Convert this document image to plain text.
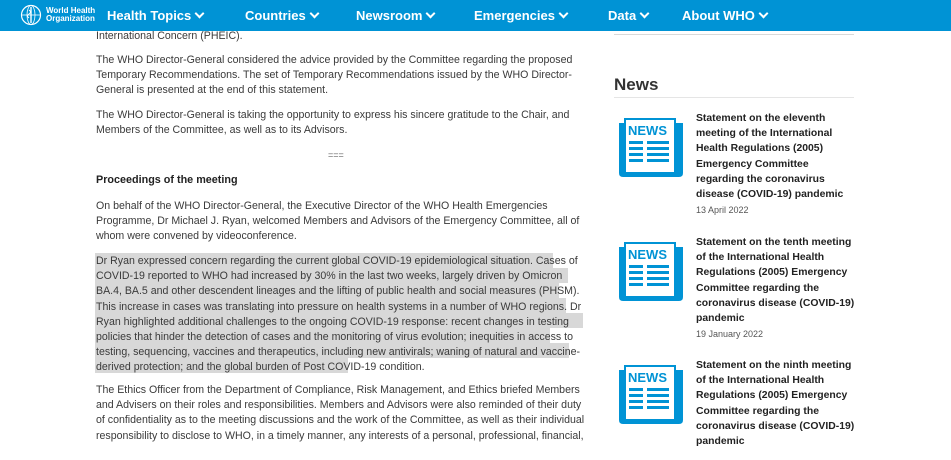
World Health
Organization Health Topics	Countries	Newsroom	Emergencies	Data	About WHO

International Concern (PHEIC).

The WHO Director-General considered the advice provided by the Committee regarding the proposed Temporary Recommendations. The set of Temporary Recommendations issued by the WHO Director-General is presented at the end of this statement.

The WHO Director-General is taking the opportunity to express his sincere gratitude to the Chair, and Members of the Committee, as well as to its Advisors.

===
Proceedings of the meeting

On behalf of the WHO Director-General, the Executive Director of the WHO Health Emergencies Programme, Dr Michael J. Ryan, welcomed Members and Advisors of the Emergency Committee, all of whom were convened by videoconference.

Dr Ryan expressed concern regarding the current global COVID-19 epidemiological situation. Cases of COVID-19 reported to WHO had increased by 30% in the last two weeks, largely driven by Omicron BA.4, BA.5 and other descendent lineages and the lifting of public health and social measures (PHSM). This increase in cases was translating into pressure on health systems in a number of WHO regions. Dr Ryan highlighted additional challenges to the ongoing COVID-19 response: recent changes in testing policies that hinder the detection of cases and the monitoring of virus evolution; inequities in access to testing, sequencing, vaccines and therapeutics, including new antivirals; waning of natural and vaccine-derived protection; and the global burden of Post COVID-19 condition.

The Ethics Officer from the Department of Compliance, Risk Management, and Ethics briefed Members and Advisers on their roles and responsibilities. Members and Advisors were also reminded of their duty of confidentiality as to the meeting discussions and the work of the Committee, as well as their individual responsibility to disclose to WHO, in a timely manner, any interests of a personal, professional, financial,

News
NEWS
Statement on the eleventh meeting of the International Health Regulations (2005) Emergency Committee regarding the coronavirus disease (COVID-19) pandemic
13 April 2022
NEWS
Statement on the tenth meeting of the International Health Regulations (2005) Emergency Committee regarding the coronavirus disease (COVID-19) pandemic
19 January 2022
NEWS
Statement on the ninth meeting of the International Health Regulations (2005) Emergency Committee regarding the coronavirus disease (COVID-19) pandemic
